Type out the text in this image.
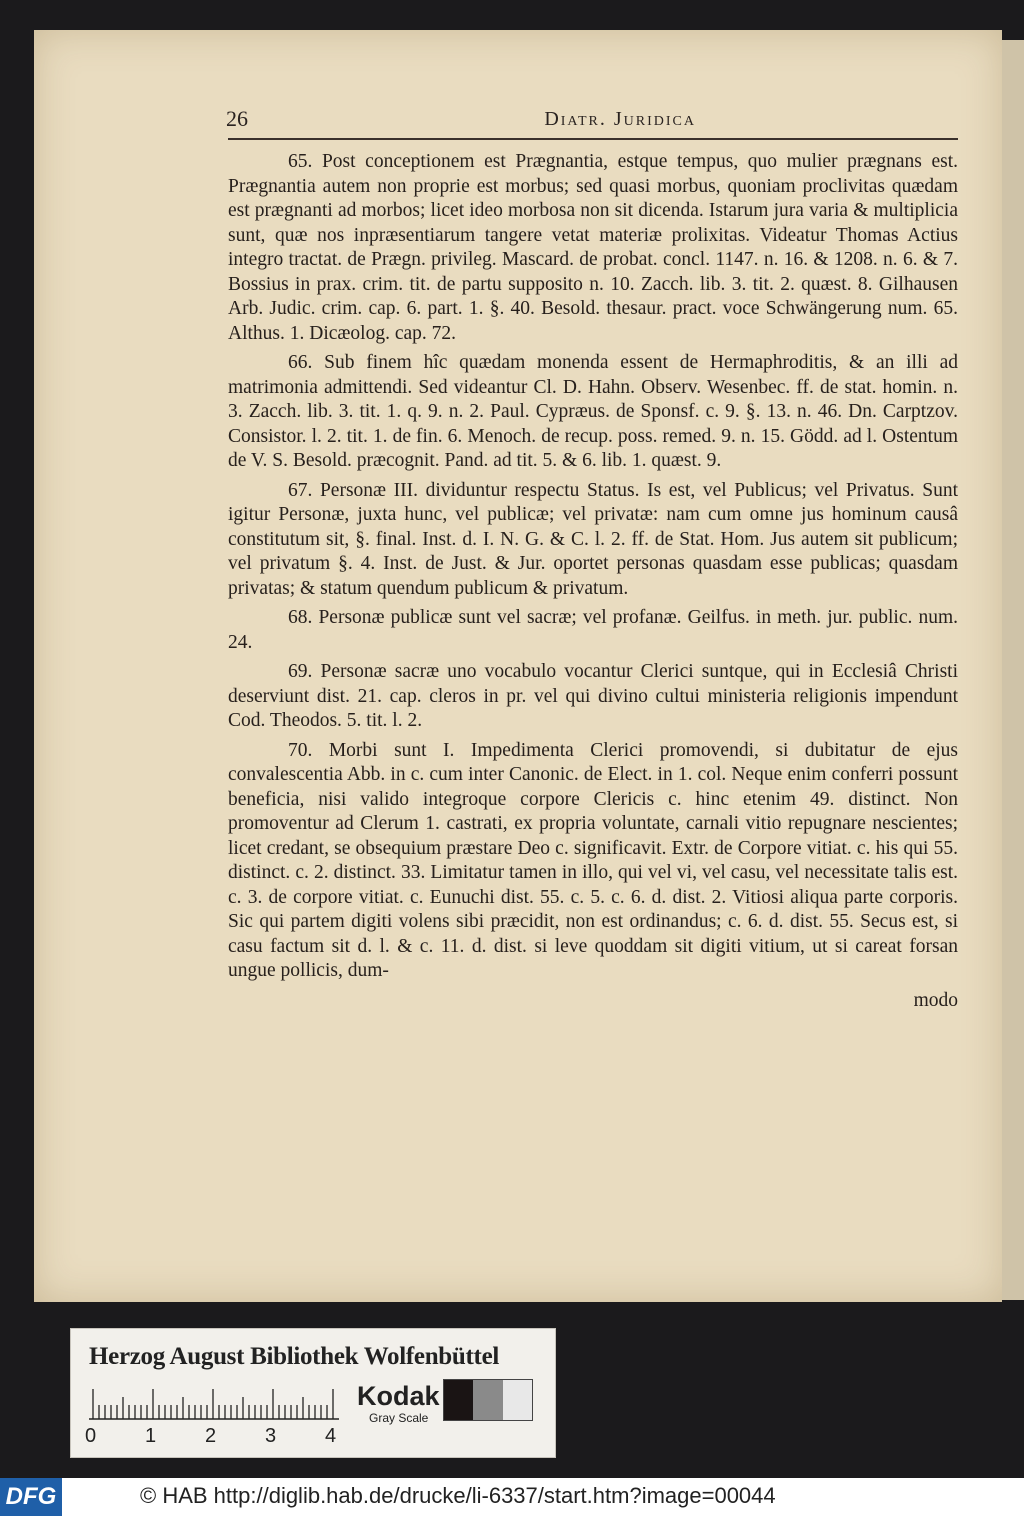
26	Diatr. Juridica

65. Post conceptionem est Prægnantia, estque tempus, quo mulier prægnans est. Prægnantia autem non proprie est morbus; sed quasi morbus, quoniam proclivitas quædam est prægnanti ad morbos; licet ideo morbosa non sit dicenda. Istarum jura varia & multiplicia sunt, quæ nos inpræsentiarum tangere vetat materiæ prolixitas. Videatur Thomas Actius integro tractat. de Prægn. privileg. Mascard. de probat. concl. 1147. n. 16. & 1208. n. 6. & 7. Bossius in prax. crim. tit. de partu supposito n. 10. Zacch. lib. 3. tit. 2. quæst. 8. Gilhausen Arb. Judic. crim. cap. 6. part. 1. §. 40. Besold. thesaur. pract. voce Schwängerung num. 65. Althus. 1. Dicæolog. cap. 72.

66. Sub finem hîc quædam monenda essent de Hermaphroditis, & an illi ad matrimonia admittendi. Sed videantur Cl. D. Hahn. Observ. Wesenbec. ff. de stat. homin. n. 3. Zacch. lib. 3. tit. 1. q. 9. n. 2. Paul. Cypræus. de Sponsf. c. 9. §. 13. n. 46. Dn. Carptzov. Consistor. l. 2. tit. 1. de fin. 6. Menoch. de recup. poss. remed. 9. n. 15. Gödd. ad l. Ostentum de V. S. Besold. præcognit. Pand. ad tit. 5. & 6. lib. 1. quæst. 9.

67. Personæ III. dividuntur respectu Status. Is est, vel Publicus; vel Privatus. Sunt igitur Personæ, juxta hunc, vel publicæ; vel privatæ: nam cum omne jus hominum causâ constitutum sit, §. final. Inst. d. I. N. G. & C. l. 2. ff. de Stat. Hom. Jus autem sit publicum; vel privatum §. 4. Inst. de Just. & Jur. oportet personas quasdam esse publicas; quasdam privatas; & statum quendum publicum & privatum.

68. Personæ publicæ sunt vel sacræ; vel profanæ. Geilfus. in meth. jur. public. num. 24.

69. Personæ sacræ uno vocabulo vocantur Clerici suntque, qui in Ecclesiâ Christi deserviunt dist. 21. cap. cleros in pr. vel qui divino cultui ministeria religionis impendunt Cod. Theodos. 5. tit. l. 2.

70. Morbi sunt I. Impedimenta Clerici promovendi, si dubitatur de ejus convalescentia Abb. in c. cum inter Canonic. de Elect. in 1. col. Neque enim conferri possunt beneficia, nisi valido integroque corpore Clericis c. hinc etenim 49. distinct. Non promoventur ad Clerum 1. castrati, ex propria voluntate, carnali vitio repugnare nescientes; licet credant, se obsequium præstare Deo c. significavit. Extr. de Corpore vitiat. c. his qui 55. distinct. c. 2. distinct. 33. Limitatur tamen in illo, qui vel vi, vel casu, vel necessitate talis est. c. 3. de corpore vitiat. c. Eunuchi dist. 55. c. 5. c. 6. d. dist. 2. Vitiosi aliqua parte corporis. Sic qui partem digiti volens sibi præcidit, non est ordinandus; c. 6. d. dist. 55. Secus est, si casu factum sit d. l. & c. 11. d. dist. si leve quoddam sit digiti vitium, ut si careat forsan ungue pollicis, dum-

modo
Herzog August Bibliothek Wolfenbüttel
0 1 2 3 4
Kodak
Gray Scale
DFG	© HAB http://diglib.hab.de/drucke/li-6337/start.htm?image=00044
